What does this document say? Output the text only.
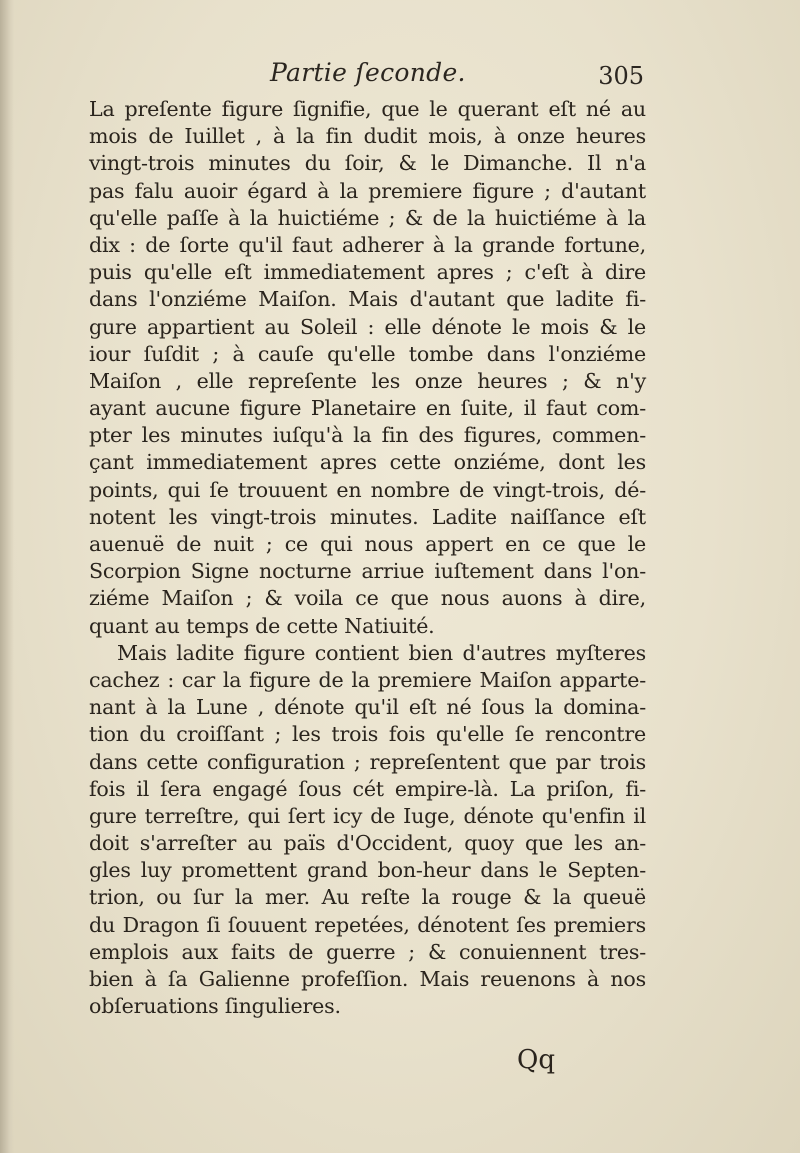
Partie ſeconde.	305
La preſente figure ſignifie, que le querant eſt né au
mois de Iuillet , à la fin dudit mois, à onze heures
vingt-trois minutes du ſoir, & le Dimanche. Il n'a
pas falu auoir égard à la premiere figure ; d'autant
qu'elle paſſe à la huictiéme ; & de la huictiéme à la
dix : de ſorte qu'il faut adherer à la grande fortune,
puis qu'elle eſt immediatement apres ; c'eſt à dire
dans l'onziéme Maiſon. Mais d'autant que ladite fi-
gure appartient au Soleil : elle dénote le mois & le
iour ſuſdit ; à cauſe qu'elle tombe dans l'onziéme
Maiſon , elle repreſente les onze heures ; & n'y
ayant aucune figure Planetaire en ſuite, il faut com-
pter les minutes iuſqu'à la fin des figures, commen-
çant immediatement apres cette onziéme, dont les
points, qui ſe trouuent en nombre de vingt-trois, dé-
notent les vingt-trois minutes. Ladite naiſſance eſt
auenuë de nuit ; ce qui nous appert en ce que le
Scorpion Signe nocturne arriue iuſtement dans l'on-
ziéme Maiſon ; & voila ce que nous auons à dire,
quant au temps de cette Natiuité.
Mais ladite figure contient bien d'autres myſteres
cachez : car la figure de la premiere Maiſon apparte-
nant à la Lune , dénote qu'il eſt né ſous la domina-
tion du croiſſant ; les trois fois qu'elle ſe rencontre
dans cette configuration ; repreſentent que par trois
fois il ſera engagé ſous cét empire-là. La priſon, fi-
gure terreſtre, qui ſert icy de Iuge, dénote qu'enfin il
doit s'arreſter au païs d'Occident, quoy que les an-
gles luy promettent grand bon-heur dans le Septen-
trion, ou ſur la mer. Au reſte la rouge & la queuë
du Dragon ſi ſouuent repetées, dénotent ſes premiers
emplois aux faits de guerre ; & conuiennent tres-
bien à ſa Galienne profeſſion. Mais reuenons à nos
obſeruations ſingulieres.
Qq
